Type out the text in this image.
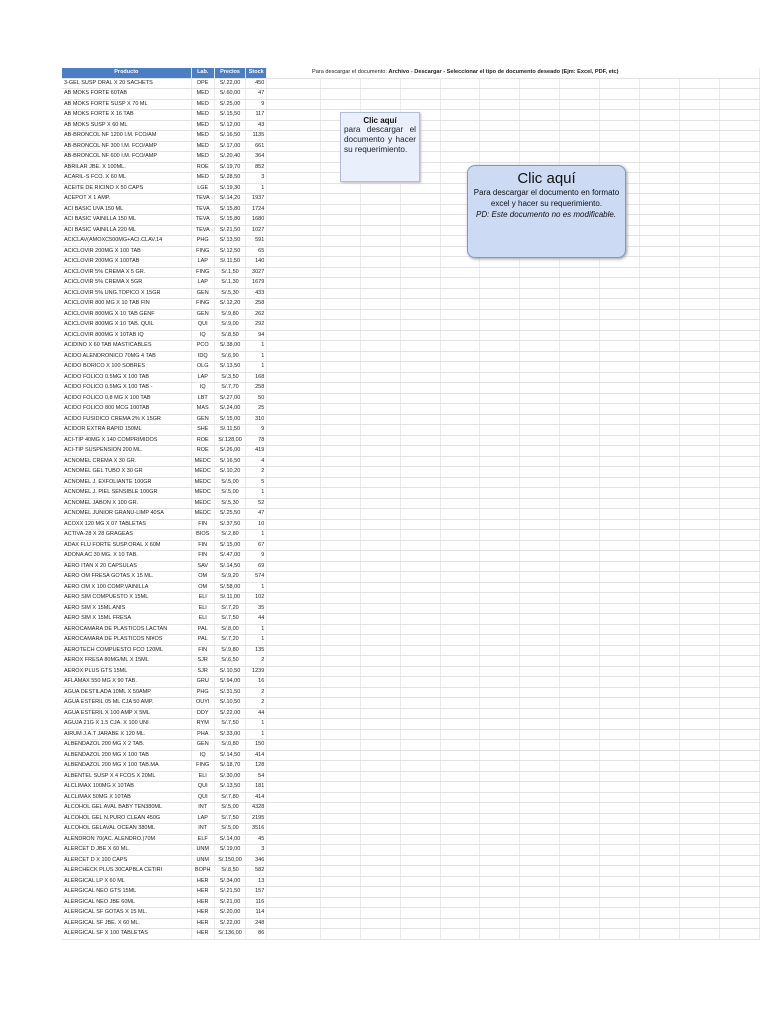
Producto	Lab.	Precios	Stock												
3-GEL SUSP ORAL X 20 SACHETS	DPE	S/.22,00	450												
AB MOKS FORTE 60TAB	MED	S/.60,00	47												
AB MOKS FORTE SUSP X 70 ML	MED	S/.25,00	9												
AB MOKS FORTE X 16 TAB	MED	S/.15,50	117												
AB MOKS SUSP X 60 ML	MED	S/.12,00	43												
AB-BRONCOL NF 1200 I.M. FCO/AM	MED	S/.16,50	1135												
AB-BRONCOL NF 300 I.M. FCO/AMP	MED	S/.17,00	661												
AB-BRONCOL NF 600 I.M. FCO/AMP	MED	S/.20,40	364												
ABRILAR JBE. X 100ML.	ROE	S/.19,70	852												
ACARIL-S FCO. X 60 ML	MED	S/.28,50	3												
ACEITE DE RICINO X 50 CAPS	LGE	S/.19,30	1												
ACEPOT X 1 AMP.	TEVA	S/.14,20	1937												
ACI BASIC UVA 150 ML	TEVA	S/.15,80	1724												
ACI BASIC VAINILLA 150 ML	TEVA	S/.15,80	1680												
ACI BASIC VAINILLA 220 ML	TEVA	S/.21,50	1027												
ACICLAV(AMOXC500MG+ACI.CLAV.14	PHG	S/.13,50	591												
ACICLOVIR 200MG X 100 TAB	FING	S/.12,50	65												
ACICLOVIR 200MG X 100TAB	LAP	S/.11,50	140												
ACICLOVIR 5% CREMA X 5 GR.	FING	S/.1,50	3027												
ACICLOVIR 5% CREMA X 5GR	LAP	S/.1,30	1679												
ACICLOVIR 5% UNG.TOPICO X 15GR	GEN	S/.5,30	433												
ACICLOVIR 800 MG X 10 TAB FIN	FING	S/.12,20	258												
ACICLOVIR 800MG X 10 TAB GENF	GEN	S/.9,80	262												
ACICLOVIR 800MG X 10 TAB. QUIL	QUI	S/.9,00	292												
ACICLOVIR 800MG X 10TAB IQ	IQ	S/.8,50	94												
ACIDINO X 60 TAB MASTICABLES	PCO	S/.38,00	1												
ACIDO ALENDRONICO 70MG 4 TAB	IDQ	S/.6,90	1												
ACIDO BORICO X 100 SOBRES	OLG	S/.13,50	1												
ACIDO FOLICO 0.5MG X 100 TAB	LAP	S/.3,50	168												
ACIDO FOLICO 0.5MG X 100 TAB -	IQ	S/.7,70	258												
ACIDO FOLICO 0,8 MG X 100 TAB	LBT	S/.27,00	50												
ACIDO FOLICO 800 MCG 100TAB	MAS	S/.24,00	25												
ACIDO FUSIDICO CREMA 2% X 15GR	GEN	S/.15,00	310												
ACIDOR EXTRA RAPID 150ML	SHE	S/.11,50	9												
ACI-TIP 40MG X 140 COMPRIMIDOS	ROE	S/.128,00	78												
ACI-TIP SUSPENSION 200 ML.	ROE	S/.26,00	419												
ACNOMEL CREMA X 30 GR.	MEDC	S/.16,50	4												
ACNOMEL GEL TUBO X 30 GR	MEDC	S/.10,20	2												
ACNOMEL J. EXFOLIANTE 100GR	MEDC	S/.5,00	5												
ACNOMEL J. PIEL SENSIBLE 100GR	MEDC	S/.5,00	1												
ACNOMEL JABON X 100 GR.	MEDC	S/.5,30	52												
ACNOMEL JUNIOR GRANU-LIMP 40SA	MEDC	S/.25,50	47												
ACOXX 120 MG X 07 TABLETAS	FIN	S/.37,50	10												
ACTIVA-28 X 28 GRAGEAS	BIOS	S/.2,80	1												
ADAX FLU FORTE SUSP.ORAL X 60M	FIN	S/.15,00	67												
ADONA AC 30 MG. X 10 TAB.	FIN	S/.47,00	9												
AERO ITAN X 20 CAPSULAS	SAV	S/.14,50	69												
AERO OM FRESA GOTAS X 15 ML.	OM	S/.9,20	574												
AERO OM X 100 COMP.VAINILLA	OM	S/.58,00	1												
AERO SIM COMPUESTO X 15ML	ELI	S/.11,00	102												
AERO SIM X 15ML ANIS	ELI	S/.7,20	35												
AERO SIM X 15ML FRESA	ELI	S/.7,50	44												
AEROCAMARA DE PLASTICOS LACTAN	PAL	S/.8,00	1												
AEROCAMARA DE PLASTICOS NI¥OS	PAL	S/.7,20	1												
AEROTECH COMPUESTO FCO 120ML	FIN	S/.9,80	135												
AEROX FRESA 80MG/ML X 15ML	SJR	S/.6,50	2												
AEROX PLUS GTS 15ML	SJR	S/.10,50	1239												
AFLAMAX 550 MG X 90 TAB.	GRU	S/.94,00	16												
AGUA DESTILADA 10ML X 50AMP	PHG	S/.31,50	2												
AGUA ESTERIL 05 ML CJA 50 AMP.	OUYI	S/.10,50	2												
AGUA ESTERIL X 100 AMP X 5ML	DDY	S/.22,00	44												
AGUJA 21G X 1.5 CJA. X 100 UNI	RYM	S/.7,50	1												
AIRUM J.A.T JARABE X 120 ML.	PHA	S/.33,00	1												
ALBENDAZOL 200 MG X 2 TAB.	GEN	S/.0,80	150												
ALBENDAZOL 200 MG X 100 TAB	IQ	S/.14,50	414												
ALBENDAZOL 200 MG X 100 TAB.MA	FING	S/.18,70	128												
ALBENTEL SUSP X 4 FCOS X 20ML	ELI	S/.30,00	54												
ALCLIMAX 100MG X 10TAB	QUI	S/.13,50	181												
ALCLIMAX 50MG X 10TAB	QUI	S/.7,80	414												
ALCOHOL GEL AVAL BABY TEN380ML	INT	S/.5,00	4328												
ALCOHOL GEL N.PURO CLEAN 450G	LAP	S/.7,50	2195												
ALCOHOL GELAVAL OCEAN 380ML	INT	S/.5,00	3516												
ALENDRON 70(AC. ALENDRO.)70M	ELF	S/.14,00	45												
ALERCET D JBE X 60 ML.	UNM	S/.19,00	3												
ALERCET D X 100 CAPS	UNM	S/.150,00	346												
ALERCHECK PLUS 30CAPBLA CETIRI	BOPH	S/.8,50	582												
ALERGICAL LP X 60 ML	HER	S/.34,00	13												
ALERGICAL NEO GTS 15ML	HER	S/.21,50	157												
ALERGICAL NEO JBE 60ML	HER	S/.21,00	116												
ALERGICAL SF GOTAS X 15 ML.	HER	S/.20,00	114												
ALERGICAL SF JBE. X 60 ML.	HER	S/.22,00	248												
ALERGICAL SF X 100 TABLETAS	HER	S/.136,00	86												
Para descargar el documento: Archivo - Descargar - Seleccionar el tipo de documento deseado (Ejm: Excel, PDF, etc)
Clic aquí
para descargar el documento y hacer su requerimiento.
Clic aquí
Para descargar el documento en formato excel y hacer su requerimiento.
PD: Este documento no es modificable.
